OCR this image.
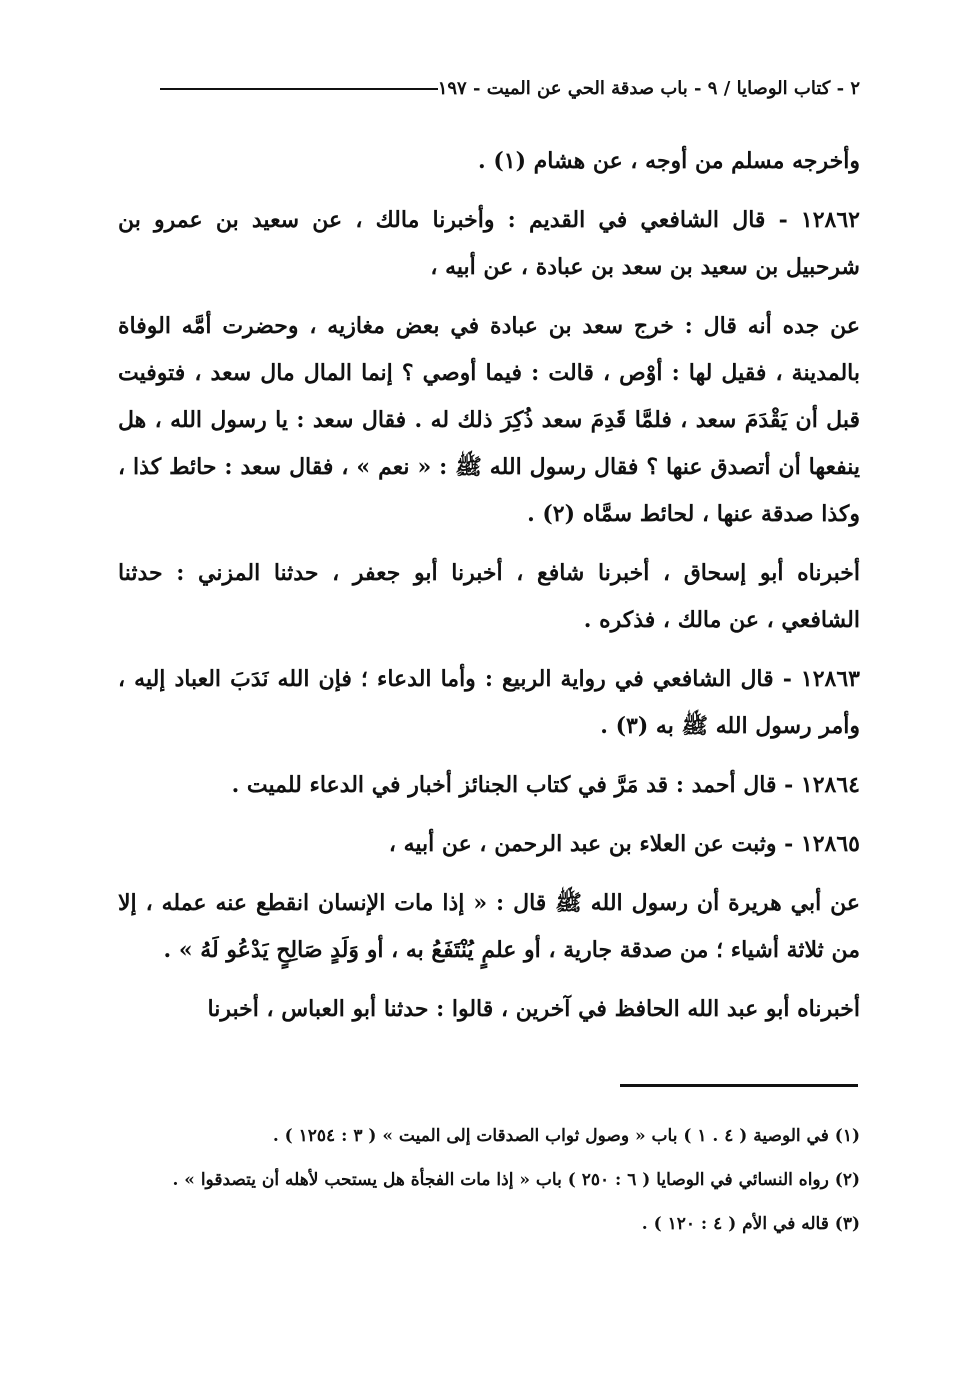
٢ - كتاب الوصايا / ٩ - باب صدقة الحي عن الميت - ١٩٧

وأخرجه مسلم من أوجه ، عن هشام (١) .

١٢٨٦٢ - قال الشافعي في القديم : وأخبرنا مالك ، عن سعيد بن عمرو بن شرحبيل بن سعيد بن سعد بن عبادة ، عن أبيه ،

عن جده أنه قال : خرج سعد بن عبادة في بعض مغازيه ، وحضرت أمَّه الوفاة بالمدينة ، فقيل لها : أوْص ، قالت : فيما أوصي ؟ إنما المال مال سعد ، فتوفيت قبل أن يَقْدَمَ سعد ، فلمَّا قَدِمَ سعد ذُكِرَ ذلك له . فقال سعد : يا رسول الله ، هل ينفعها أن أتصدق عنها ؟ فقال رسول الله ﷺ : « نعم » ، فقال سعد : حائط كذا ، وكذا صدقة عنها ، لحائط سمَّاه (٢) .

أخبرناه أبو إسحاق ، أخبرنا شافع ، أخبرنا أبو جعفر ، حدثنا المزني : حدثنا الشافعي ، عن مالك ، فذكره .

١٢٨٦٣ - قال الشافعي في رواية الربيع : وأما الدعاء ؛ فإن الله نَدَبَ العباد إليه ، وأمر رسول الله ﷺ به (٣) .

١٢٨٦٤ - قال أحمد : قد مَرَّ في كتاب الجنائز أخبار في الدعاء للميت .

١٢٨٦٥ - وثبت عن العلاء بن عبد الرحمن ، عن أبيه ،

عن أبي هريرة أن رسول الله ﷺ قال : « إذا مات الإنسان انقطع عنه عمله ، إلا من ثلاثة أشياء ؛ من صدقة جارية ، أو علمٍ يُنْتَفَعُ به ، أو وَلَدٍ صَالِحٍ يَدْعُو لَهُ » .

أخبرناه أبو عبد الله الحافظ في آخرين ، قالوا : حدثنا أبو العباس ، أخبرنا

(١) في الوصية ( ٤ . ١ ) باب « وصول ثواب الصدقات إلى الميت » ( ٣ : ١٢٥٤ ) .

(٢) رواه النسائي في الوصايا ( ٦ : ٢٥٠ ) باب « إذا مات الفجأة هل يستحب لأهله أن يتصدقوا » .

(٣) قاله في الأم ( ٤ : ١٢٠ ) .
